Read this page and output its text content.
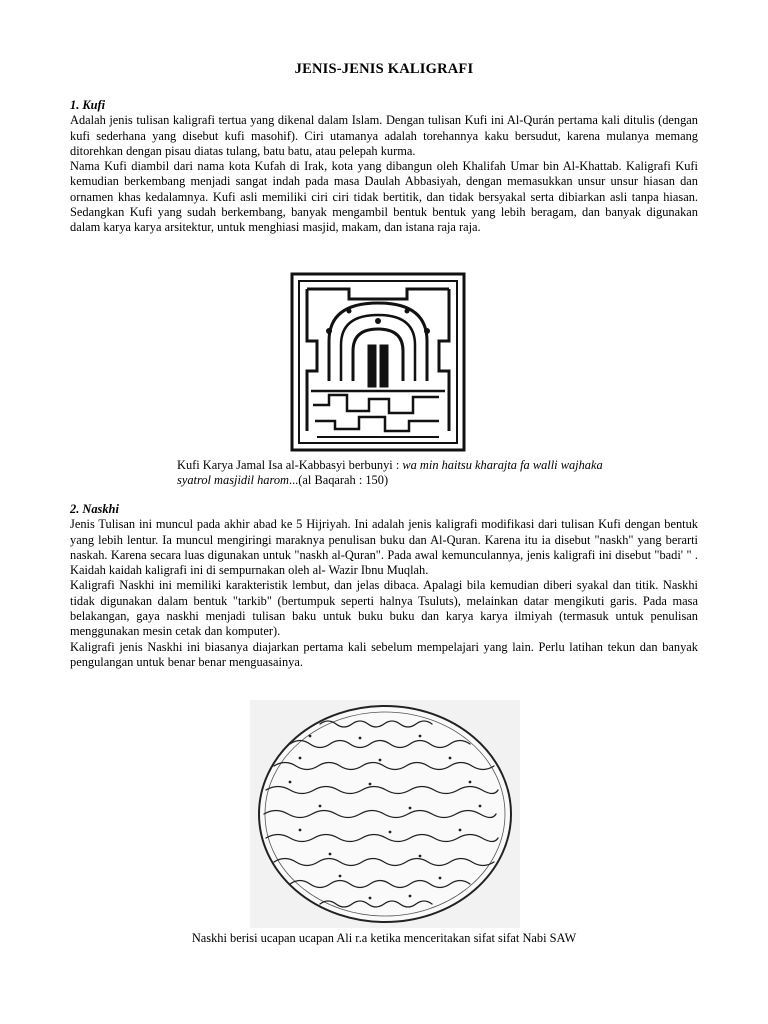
JENIS-JENIS KALIGRAFI
1. Kufi

Adalah jenis tulisan kaligrafi tertua yang dikenal dalam Islam. Dengan tulisan Kufi ini Al-Qurán pertama kali ditulis (dengan kufi sederhana yang disebut kufi masohif). Ciri utamanya adalah torehannya kaku bersudut, karena mulanya memang ditorehkan dengan pisau diatas tulang, batu batu, atau pelepah kurma.

Nama Kufi diambil dari nama kota Kufah di Irak, kota yang dibangun oleh Khalifah Umar bin Al-Khattab. Kaligrafi Kufi kemudian berkembang menjadi sangat indah pada masa Daulah Abbasiyah, dengan memasukkan unsur unsur hiasan dan ornamen khas kedalamnya. Kufi asli memiliki ciri ciri tidak bertitik, dan tidak bersyakal serta dibiarkan asli tanpa hiasan. Sedangkan Kufi yang sudah berkembang, banyak mengambil bentuk bentuk yang lebih beragam, dan banyak digunakan dalam karya karya arsitektur, untuk menghiasi masjid, makam, dan istana raja raja.

Kufi Karya Jamal Isa al-Kabbasyi berbunyi : wa min haitsu kharajta fa walli wajhaka syatrol masjidil harom...(al Baqarah : 150)
2. Naskhi

Jenis Tulisan ini muncul pada akhir abad ke 5 Hijriyah. Ini adalah jenis kaligrafi modifikasi dari tulisan Kufi dengan bentuk yang lebih lentur. Ia muncul mengiringi maraknya penulisan buku dan Al-Quran. Karena itu ia disebut "naskh" yang berarti naskah. Karena secara luas digunakan untuk "naskh al-Quran". Pada awal kemunculannya, jenis kaligrafi ini disebut "badi' " . Kaidah kaidah kaligrafi ini di sempurnakan oleh al- Wazir Ibnu Muqlah.

Kaligrafi Naskhi ini memiliki karakteristik lembut, dan jelas dibaca. Apalagi bila kemudian diberi syakal dan titik. Naskhi tidak digunakan dalam bentuk "tarkib" (bertumpuk seperti halnya Tsuluts), melainkan datar mengikuti garis. Pada masa belakangan, gaya naskhi menjadi tulisan baku untuk buku buku dan karya karya ilmiyah (termasuk untuk penulisan menggunakan mesin cetak dan komputer).

Kaligrafi jenis Naskhi ini biasanya diajarkan pertama kali sebelum mempelajari yang lain. Perlu latihan tekun dan banyak pengulangan untuk benar benar menguasainya.

Naskhi berisi ucapan ucapan Ali r.a ketika menceritakan sifat sifat Nabi SAW
